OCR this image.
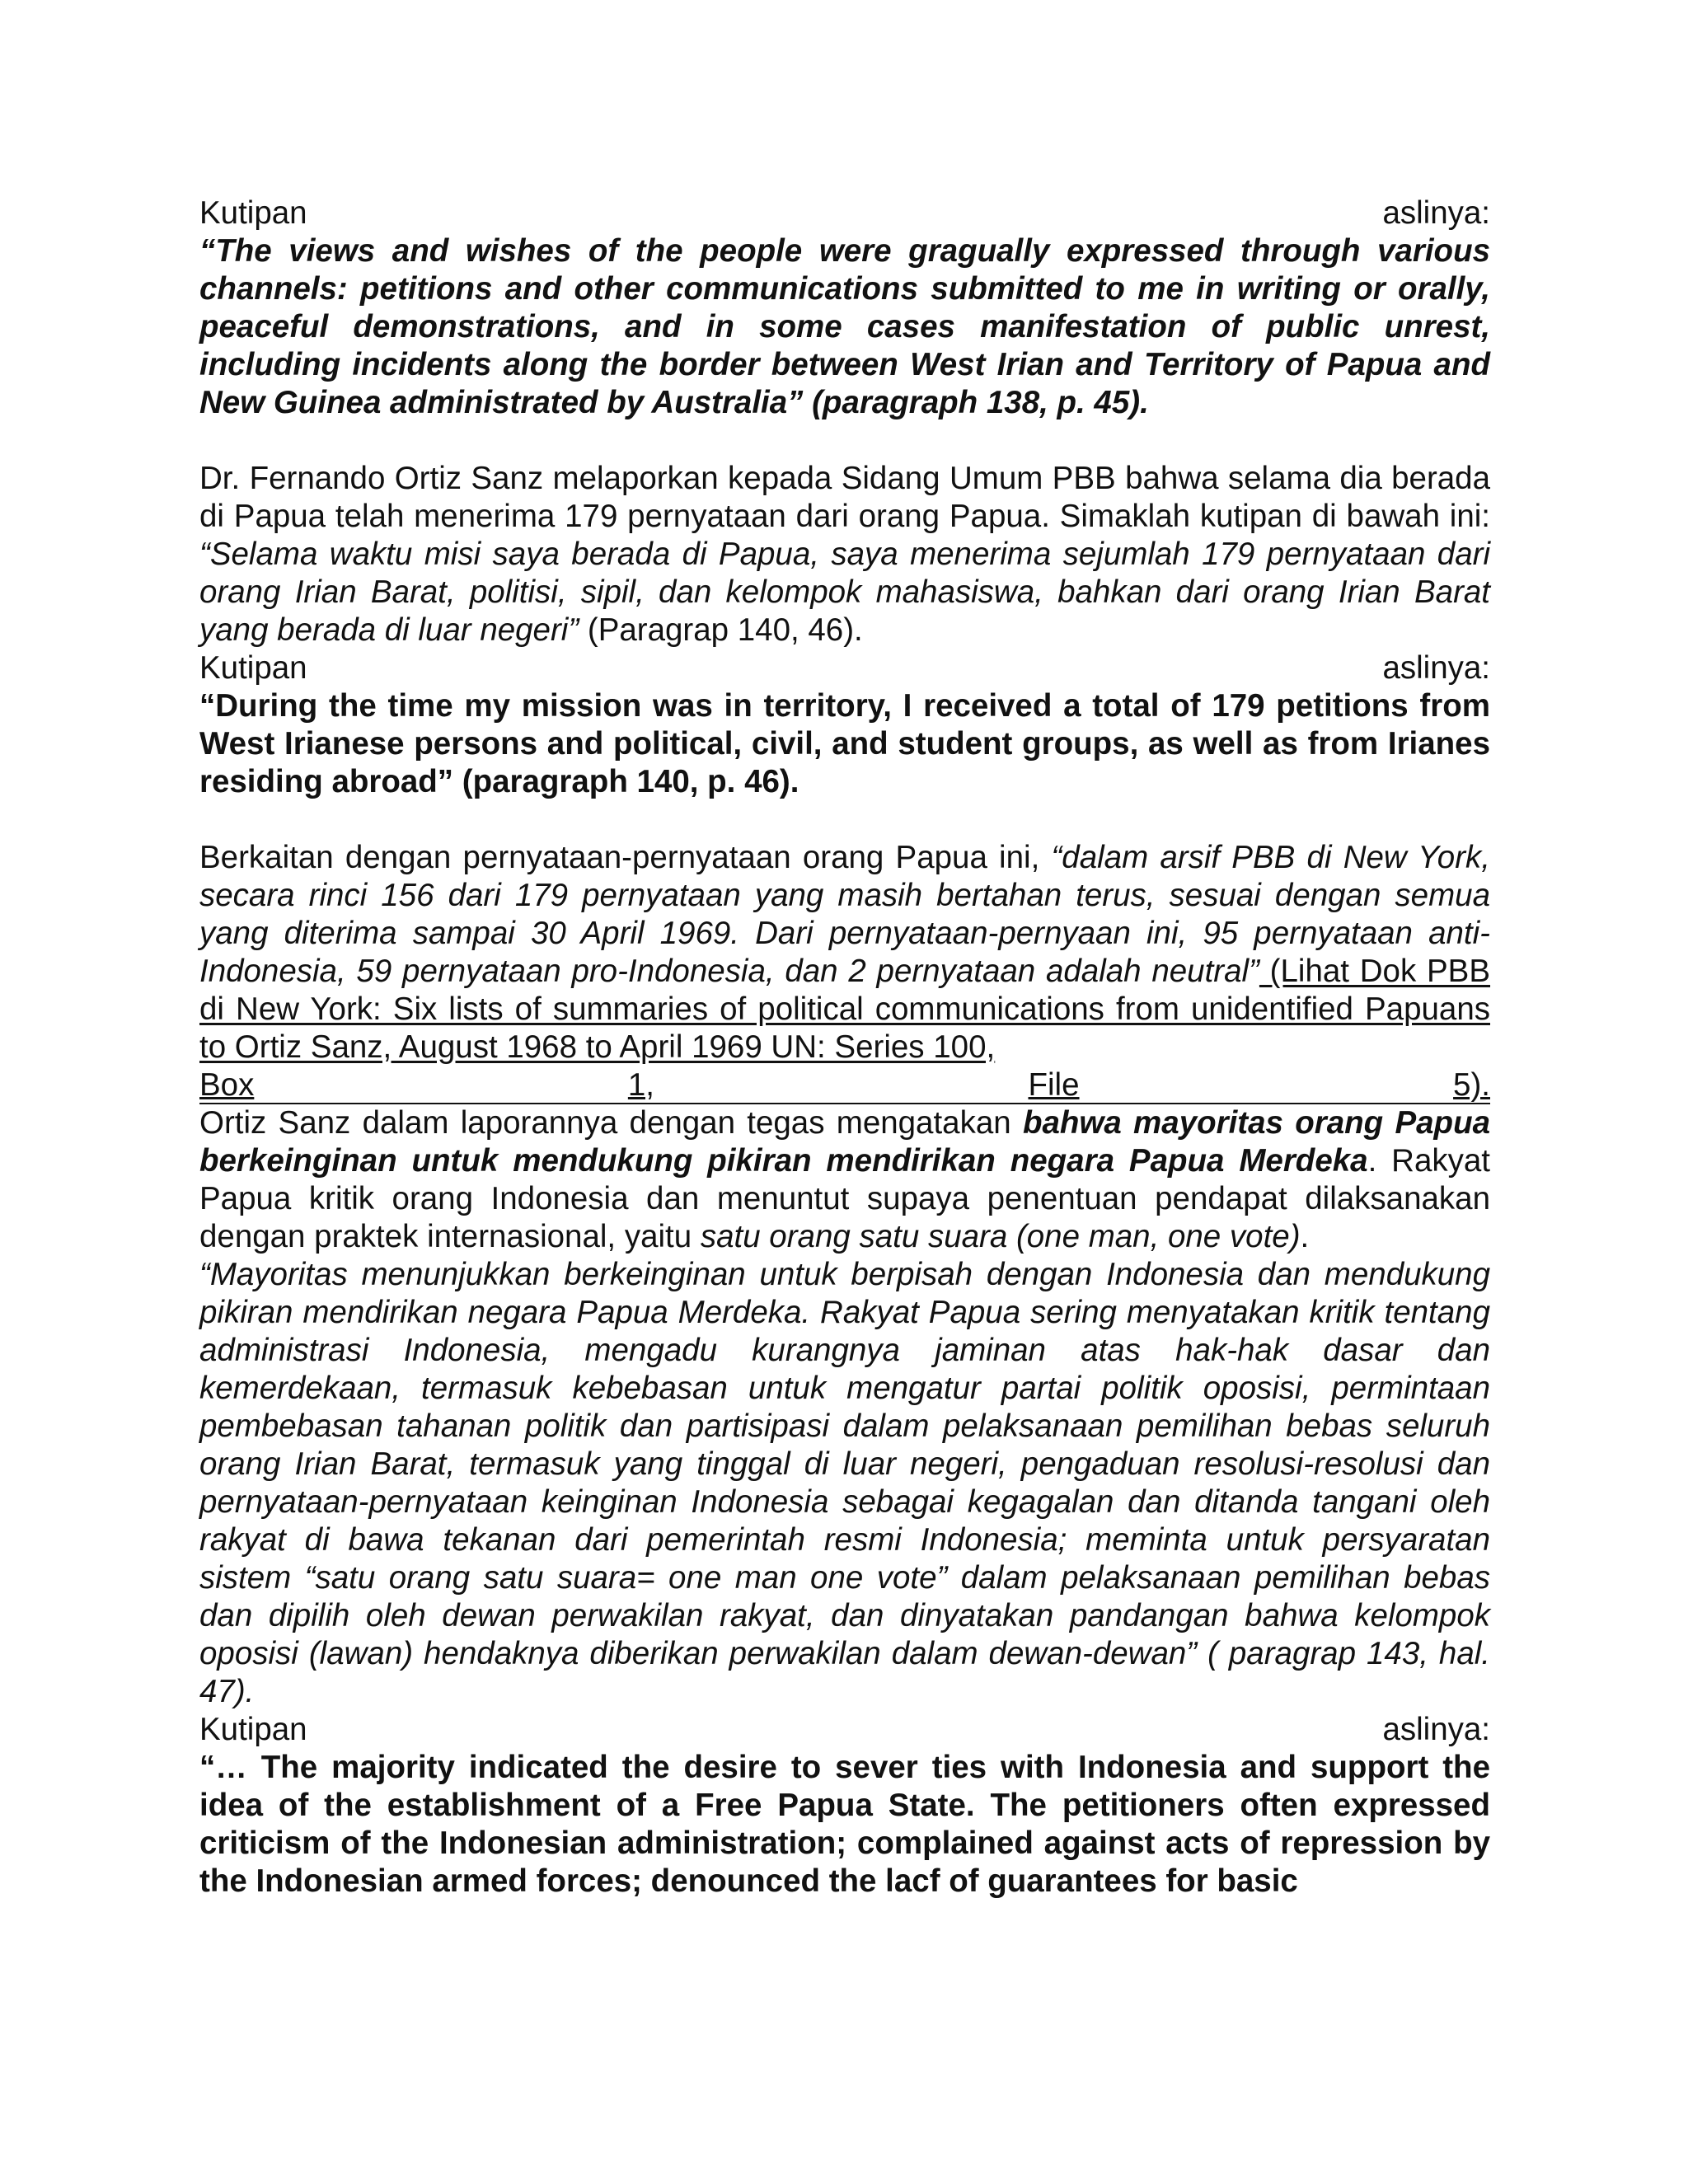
Kutipan	aslinya:

“The views and wishes of the people were gragually expressed through various channels: petitions and other communications submitted to me in writing or orally, peaceful demonstrations, and in some cases manifestation of public unrest, including incidents along the border between West Irian and Territory of Papua and New Guinea administrated by Australia” (paragraph 138, p. 45).

Dr. Fernando Ortiz Sanz melaporkan kepada Sidang Umum PBB bahwa selama dia berada di Papua telah menerima 179 pernyataan dari orang Papua. Simaklah kutipan di bawah ini: “Selama waktu misi saya berada di Papua, saya menerima sejumlah 179 pernyataan dari orang Irian Barat, politisi, sipil, dan kelompok mahasiswa, bahkan dari orang Irian Barat yang berada di luar negeri” (Paragrap 140, 46).

Kutipan	aslinya:

“During the time my mission was in territory, I received a total of 179 petitions from West Irianese persons and political, civil, and student groups, as well as from Irianes residing abroad” (paragraph 140, p. 46).

Berkaitan dengan pernyataan-pernyataan orang Papua ini, “dalam arsif PBB di New York, secara rinci 156 dari 179 pernyataan yang masih bertahan terus, sesuai dengan semua yang diterima sampai 30 April 1969. Dari pernyataan-pernyaan ini, 95 pernyataan anti-Indonesia, 59 pernyataan pro-Indonesia, dan 2 pernyataan adalah neutral” (Lihat Dok PBB di New York: Six lists of summaries of political communications from unidentified Papuans to Ortiz Sanz, August 1968 to April 1969 UN: Series 100,

Box	1,	File	5).

Ortiz Sanz dalam laporannya dengan tegas mengatakan bahwa mayoritas orang Papua berkeinginan untuk mendukung pikiran mendirikan negara Papua Merdeka. Rakyat Papua kritik orang Indonesia dan menuntut supaya penentuan pendapat dilaksanakan dengan praktek internasional, yaitu satu orang satu suara (one man, one vote).

“Mayoritas menunjukkan berkeinginan untuk berpisah dengan Indonesia dan mendukung pikiran mendirikan negara Papua Merdeka. Rakyat Papua sering menyatakan kritik tentang administrasi Indonesia, mengadu kurangnya jaminan atas hak-hak dasar dan kemerdekaan, termasuk kebebasan untuk mengatur partai politik oposisi, permintaan pembebasan tahanan politik dan partisipasi dalam pelaksanaan pemilihan bebas seluruh orang Irian Barat, termasuk yang tinggal di luar negeri, pengaduan resolusi-resolusi dan pernyataan-pernyataan keinginan Indonesia sebagai kegagalan dan ditanda tangani oleh rakyat di bawa tekanan dari pemerintah resmi Indonesia; meminta untuk persyaratan sistem “satu orang satu suara= one man one vote” dalam pelaksanaan pemilihan bebas dan dipilih oleh dewan perwakilan rakyat, dan dinyatakan pandangan bahwa kelompok oposisi (lawan) hendaknya diberikan perwakilan dalam dewan-dewan” ( paragrap 143, hal. 47).

Kutipan	aslinya:

“… The majority indicated the desire to sever ties with Indonesia and support the idea of the establishment of a Free Papua State. The petitioners often expressed criticism of the Indonesian administration; complained against acts of repression by the Indonesian armed forces; denounced the lacf of guarantees for basic
